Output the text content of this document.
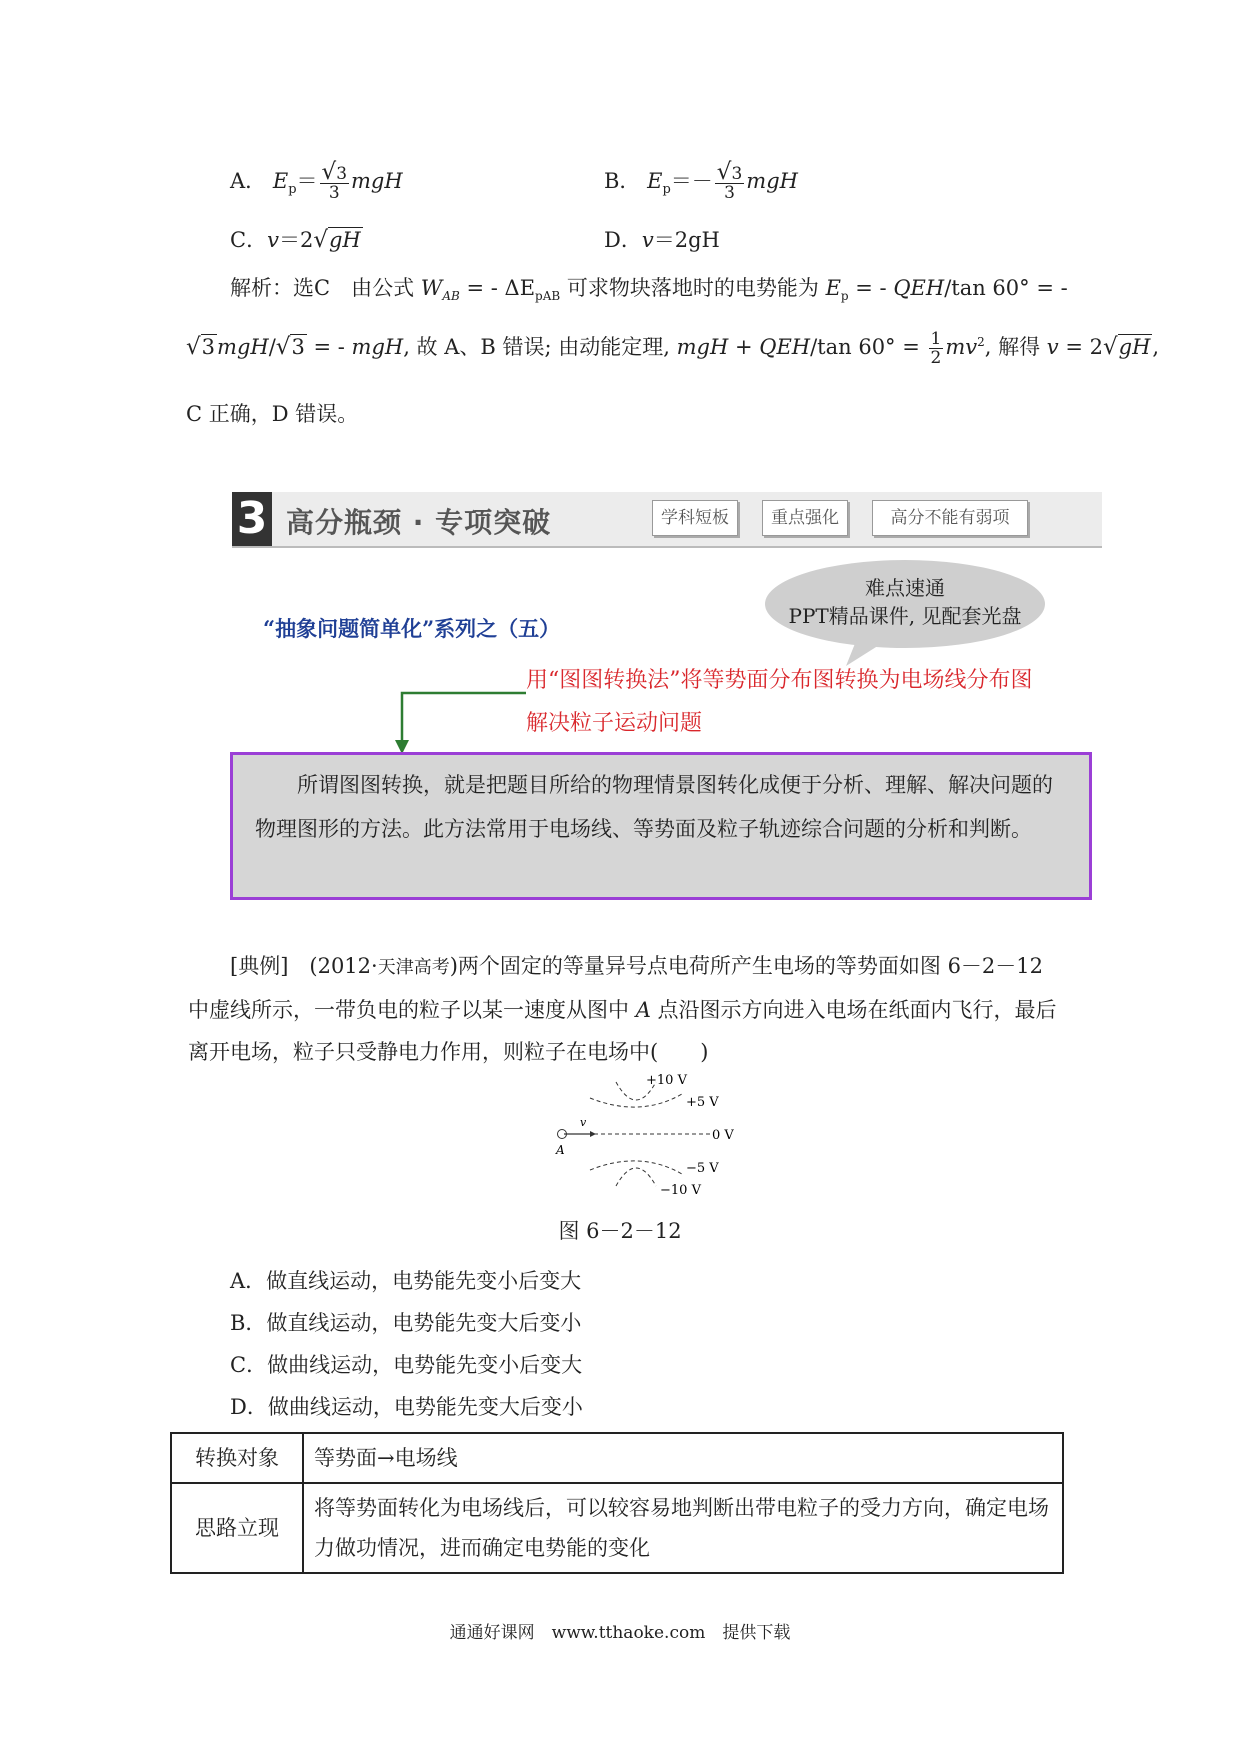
A． $E_p= \frac{√3}{3}$ mgH	B． $E_p=- \frac{√3}{3}$ mgH
C．v＝2√gH	D．v＝2gH
解析：选C　由公式 $W_{AB}$ = - $\Delta E_{pAB}$ 可求物块落地时的电势能为 $E_p$ = - QEH/tan 60° = -
√3mgH/√3 = - mgH, 故 A、B 错误; 由动能定理, mgH + QEH/tan $60^\circ = \frac{1}{2} mv^2$, 解得 v = 2√gH,
C 正确，D 错误。
3 高分瓶颈 · 专项突破	学科短板	重点强化	高分不能有弱项
难点速通
PPT精品课件, 见配套光盘
“抽象问题简单化”系列之（五）
用“图图转换法”将等势面分布图转换为电场线分布图
解决粒子运动问题
　　所谓图图转换，就是把题目所给的物理情景图转化成便于分析、理解、解决问题的物理图形的方法。此方法常用于电场线、等势面及粒子轨迹综合问题的分析和判断。
[典例]　 (2012·天津高考)两个固定的等量异号点电荷所产生电场的等势面如图 6－2－12 中虚线所示，一带负电的粒子以某一速度从图中 A 点沿图示方向进入电场在纸面内飞行，最后离开电场，粒子只受静电力作用，则粒子在电场中(　　)
v
A
+10 V
+5 V
0 V
−5 V
−10 V
图 6－2－12
A．做直线运动，电势能先变小后变大
B．做直线运动，电势能先变大后变小
C．做曲线运动，电势能先变小后变大
D．做曲线运动，电势能先变大后变小
转换对象	等势面→电场线
思路立现	将等势面转化为电场线后，可以较容易地判断出带电粒子的受力方向，确定电场力做功情况，进而确定电势能的变化
通通好课网　www.tthaoke.com　提供下载
